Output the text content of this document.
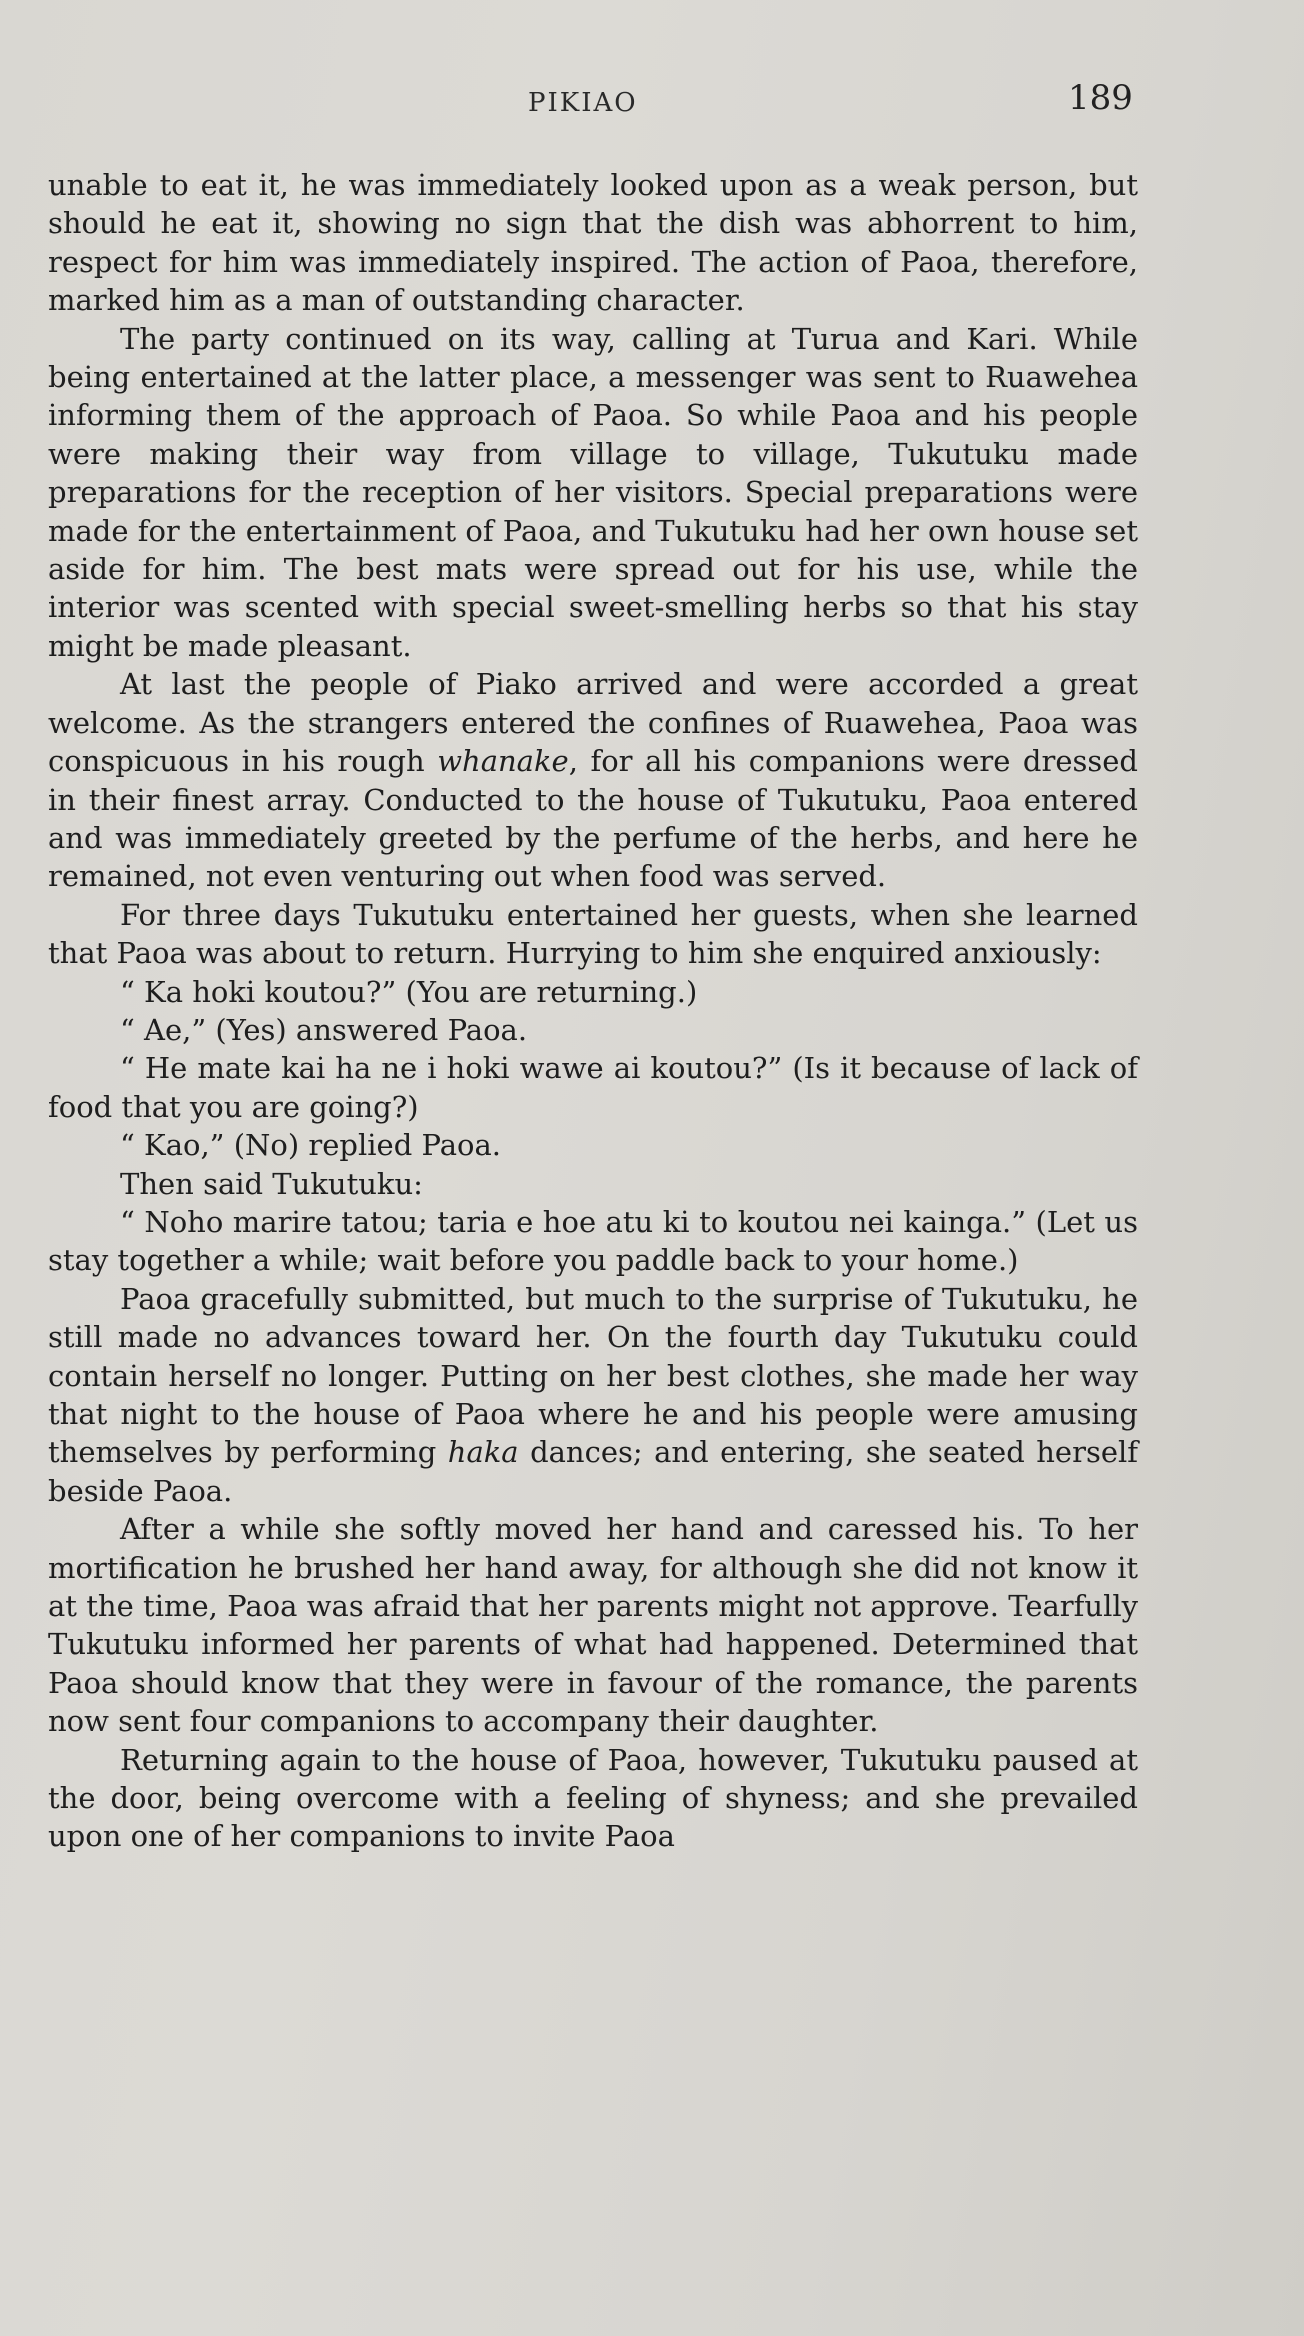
PIKIAO	189

unable to eat it, he was immediately looked upon as a weak person, but should he eat it, showing no sign that the dish was abhorrent to him, respect for him was immediately inspired. The action of Paoa, therefore, marked him as a man of outstanding character.

The party continued on its way, calling at Turua and Kari. While being entertained at the latter place, a messenger was sent to Ruawehea informing them of the approach of Paoa. So while Paoa and his people were making their way from village to village, Tukutuku made preparations for the reception of her visitors. Special preparations were made for the entertainment of Paoa, and Tukutuku had her own house set aside for him. The best mats were spread out for his use, while the interior was scented with special sweet-smelling herbs so that his stay might be made pleasant.

At last the people of Piako arrived and were accorded a great welcome. As the strangers entered the confines of Ruawehea, Paoa was conspicuous in his rough whanake, for all his companions were dressed in their finest array. Conducted to the house of Tukutuku, Paoa entered and was immediately greeted by the perfume of the herbs, and here he remained, not even venturing out when food was served.

For three days Tukutuku entertained her guests, when she learned that Paoa was about to return. Hurrying to him she enquired anxiously:

“ Ka hoki koutou?” (You are returning.)

“ Ae,” (Yes) answered Paoa.

“ He mate kai ha ne i hoki wawe ai koutou?” (Is it because of lack of food that you are going?)

“ Kao,” (No) replied Paoa.

Then said Tukutuku:

“ Noho marire tatou; taria e hoe atu ki to koutou nei kainga.” (Let us stay together a while; wait before you paddle back to your home.)

Paoa gracefully submitted, but much to the surprise of Tukutuku, he still made no advances toward her. On the fourth day Tukutuku could contain herself no longer. Putting on her best clothes, she made her way that night to the house of Paoa where he and his people were amusing themselves by performing haka dances; and entering, she seated herself beside Paoa.

After a while she softly moved her hand and caressed his. To her mortification he brushed her hand away, for although she did not know it at the time, Paoa was afraid that her parents might not approve. Tearfully Tukutuku informed her parents of what had happened. Determined that Paoa should know that they were in favour of the romance, the parents now sent four companions to accompany their daughter.

Returning again to the house of Paoa, however, Tukutuku paused at the door, being overcome with a feeling of shyness; and she prevailed upon one of her companions to invite Paoa
